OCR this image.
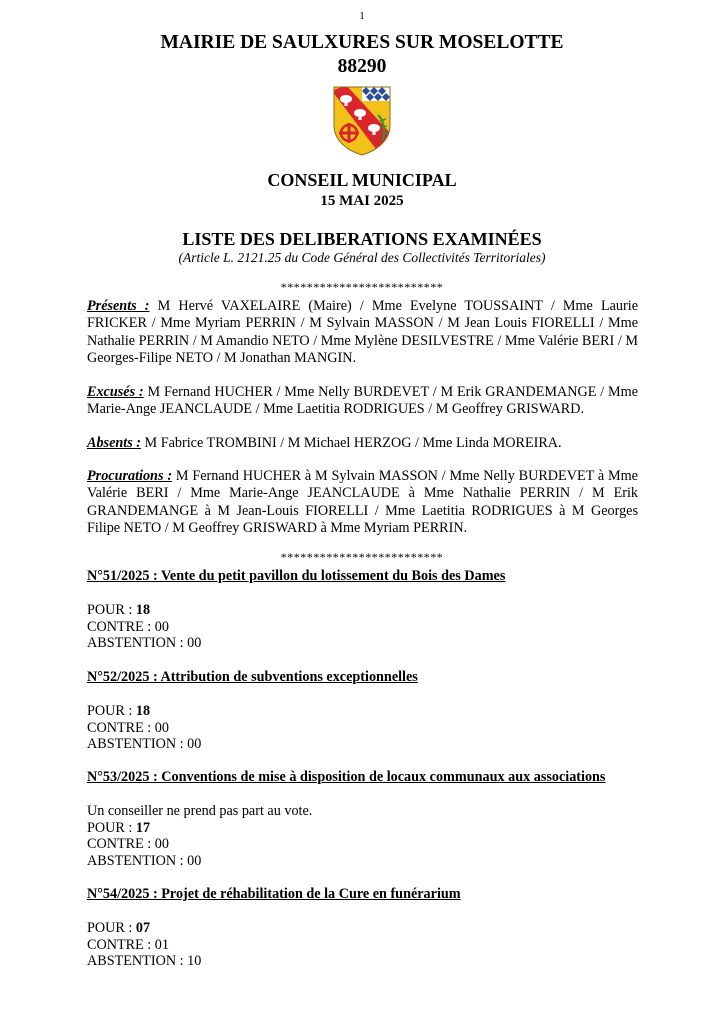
1
MAIRIE DE SAULXURES SUR MOSELOTTE
88290
CONSEIL MUNICIPAL
15 MAI 2025
LISTE DES DELIBERATIONS EXAMINÉES
(Article L. 2121.25 du Code Général des Collectivités Territoriales)
*************************
Présents : M Hervé VAXELAIRE (Maire) / Mme Evelyne TOUSSAINT / Mme Laurie FRICKER / Mme Myriam PERRIN / M Sylvain MASSON / M Jean Louis FIORELLI / Mme Nathalie PERRIN / M Amandio NETO / Mme Mylène DESILVESTRE / Mme Valérie BERI / M Georges-Filipe NETO / M Jonathan MANGIN.
Excusés : M Fernand HUCHER / Mme Nelly BURDEVET / M Erik GRANDEMANGE / Mme Marie-Ange JEANCLAUDE / Mme Laetitia RODRIGUES / M Geoffrey GRISWARD.
Absents : M Fabrice TROMBINI / M Michael HERZOG / Mme Linda MOREIRA.
Procurations : M Fernand HUCHER à M Sylvain MASSON / Mme Nelly BURDEVET à Mme Valérie BERI / Mme Marie-Ange JEANCLAUDE à Mme Nathalie PERRIN / M Erik GRANDEMANGE à M Jean-Louis FIORELLI / Mme Laetitia RODRIGUES à M Georges Filipe NETO / M Geoffrey GRISWARD à Mme Myriam PERRIN.
*************************
N°51/2025 : Vente du petit pavillon du lotissement du Bois des Dames
POUR : 18
CONTRE : 00
ABSTENTION : 00
N°52/2025 : Attribution de subventions exceptionnelles
POUR : 18
CONTRE : 00
ABSTENTION : 00
N°53/2025 : Conventions de mise à disposition de locaux communaux aux associations
Un conseiller ne prend pas part au vote.
POUR : 17
CONTRE : 00
ABSTENTION : 00
N°54/2025 : Projet de réhabilitation de la Cure en funérarium
POUR : 07
CONTRE : 01
ABSTENTION : 10
